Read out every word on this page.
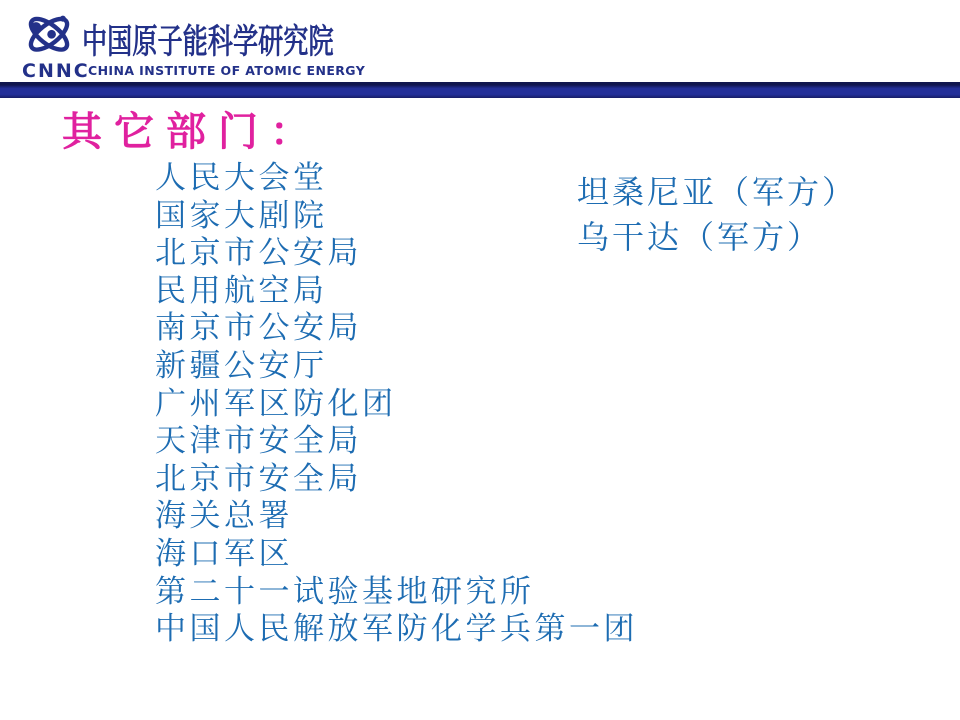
中国原子能科学研究院
CNNC
CHINA INSTITUTE OF ATOMIC ENERGY
其它部门：
人民大会堂
国家大剧院
北京市公安局
民用航空局
南京市公安局
新疆公安厅
广州军区防化团
天津市安全局
北京市安全局
海关总署
海口军区
第二十一试验基地研究所
中国人民解放军防化学兵第一团
坦桑尼亚（军方）
乌干达（军方）
